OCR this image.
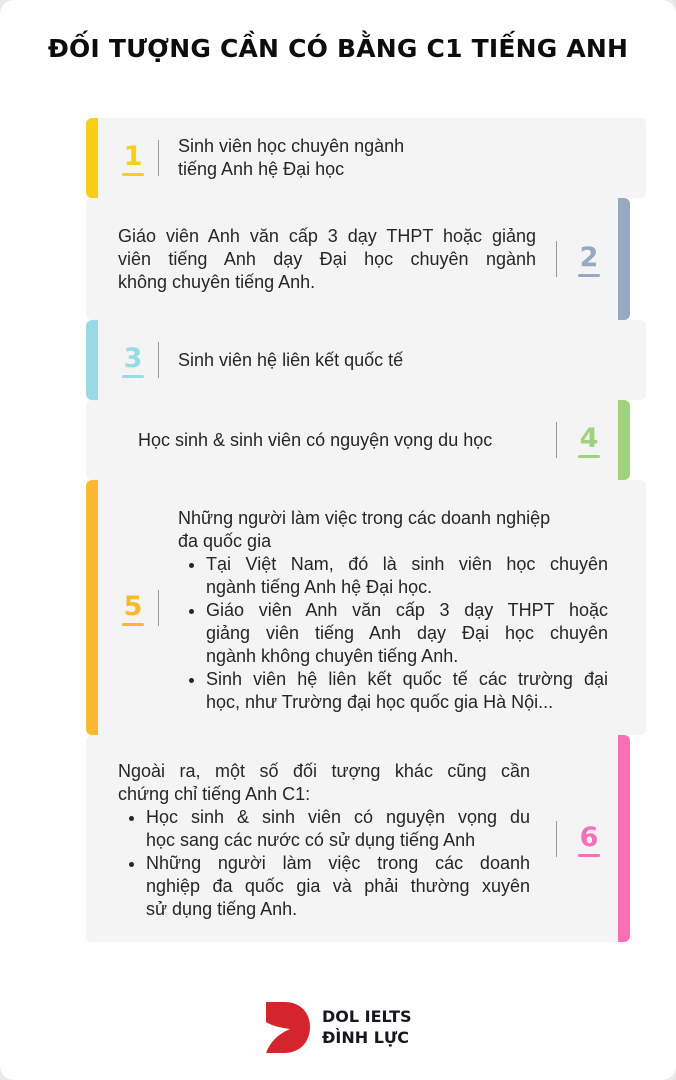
ĐỐI TƯỢNG CẦN CÓ BẰNG C1 TIẾNG ANH
1	Sinh viên học chuyên ngành
tiếng Anh hệ Đại học
Giáo viên Anh văn cấp 3 dạy THPT hoặc giảng
viên tiếng Anh dạy Đại học chuyên ngành
không chuyên tiếng Anh.
2
3	Sinh viên hệ liên kết quốc tế
Học sinh & sinh viên có nguyện vọng du học	4
5
Những người làm việc trong các doanh nghiệp
đa quốc gia
• Tại Việt Nam, đó là sinh viên học chuyên
ngành tiếng Anh hệ Đại học.
• Giáo viên Anh văn cấp 3 dạy THPT hoặc
giảng viên tiếng Anh dạy Đại học chuyên
ngành không chuyên tiếng Anh.
• Sinh viên hệ liên kết quốc tế các trường đại
học, như Trường đại học quốc gia Hà Nội...
Ngoài ra, một số đối tượng khác cũng cần
chứng chỉ tiếng Anh C1:
• Học sinh & sinh viên có nguyện vọng du
học sang các nước có sử dụng tiếng Anh
• Những người làm việc trong các doanh
nghiệp đa quốc gia và phải thường xuyên
sử dụng tiếng Anh.
6
DOL IELTS
ĐÌNH LỰC
